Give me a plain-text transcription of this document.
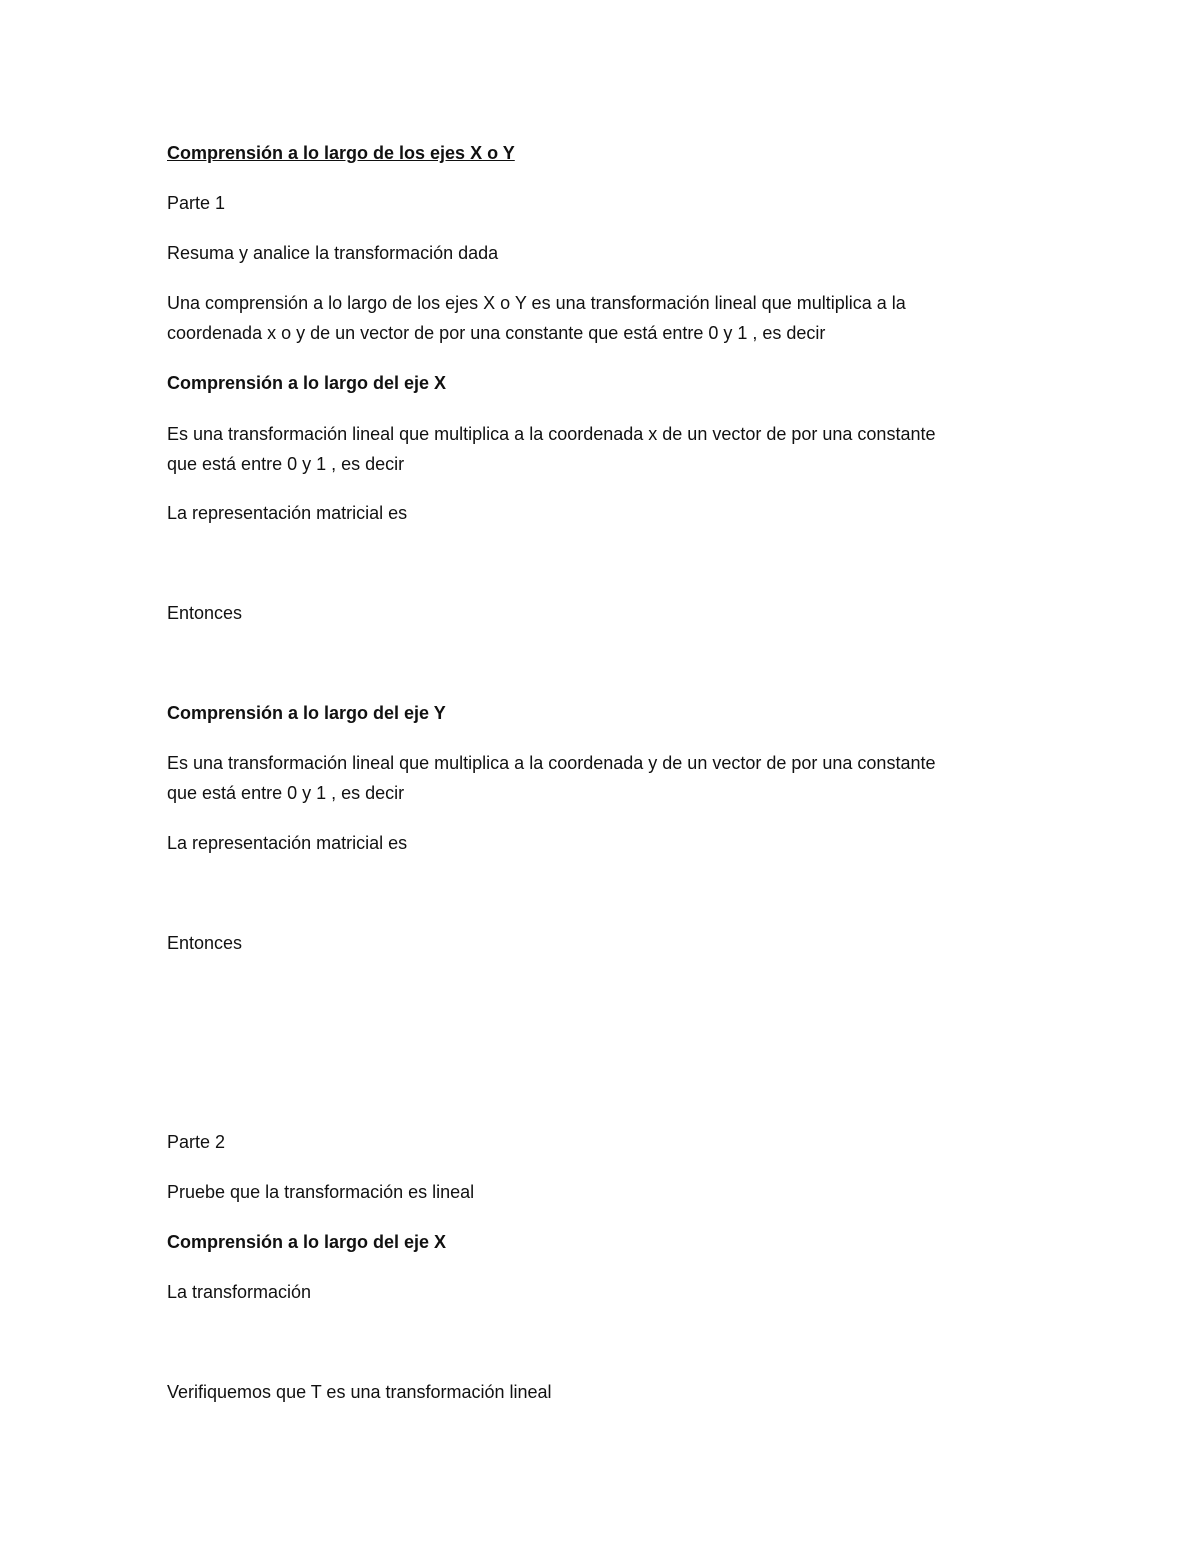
Comprensión a lo largo de los ejes X o Y

Parte 1

Resuma y analice la transformación dada

Una comprensión a lo largo de los ejes X o Y es una transformación lineal que multiplica a la

coordenada x o y de un vector de por una constante que está entre 0 y 1 , es decir

Comprensión a lo largo del eje X

Es una transformación lineal que multiplica a la coordenada x de un vector de por una constante

que está entre 0 y 1 , es decir

La representación matricial es

Entonces

Comprensión a lo largo del eje Y

Es una transformación lineal que multiplica a la coordenada y de un vector de por una constante

que está entre 0 y 1 , es decir

La representación matricial es

Entonces

Parte 2

Pruebe que la transformación es lineal

Comprensión a lo largo del eje X

La transformación

Verifiquemos que T es una transformación lineal
